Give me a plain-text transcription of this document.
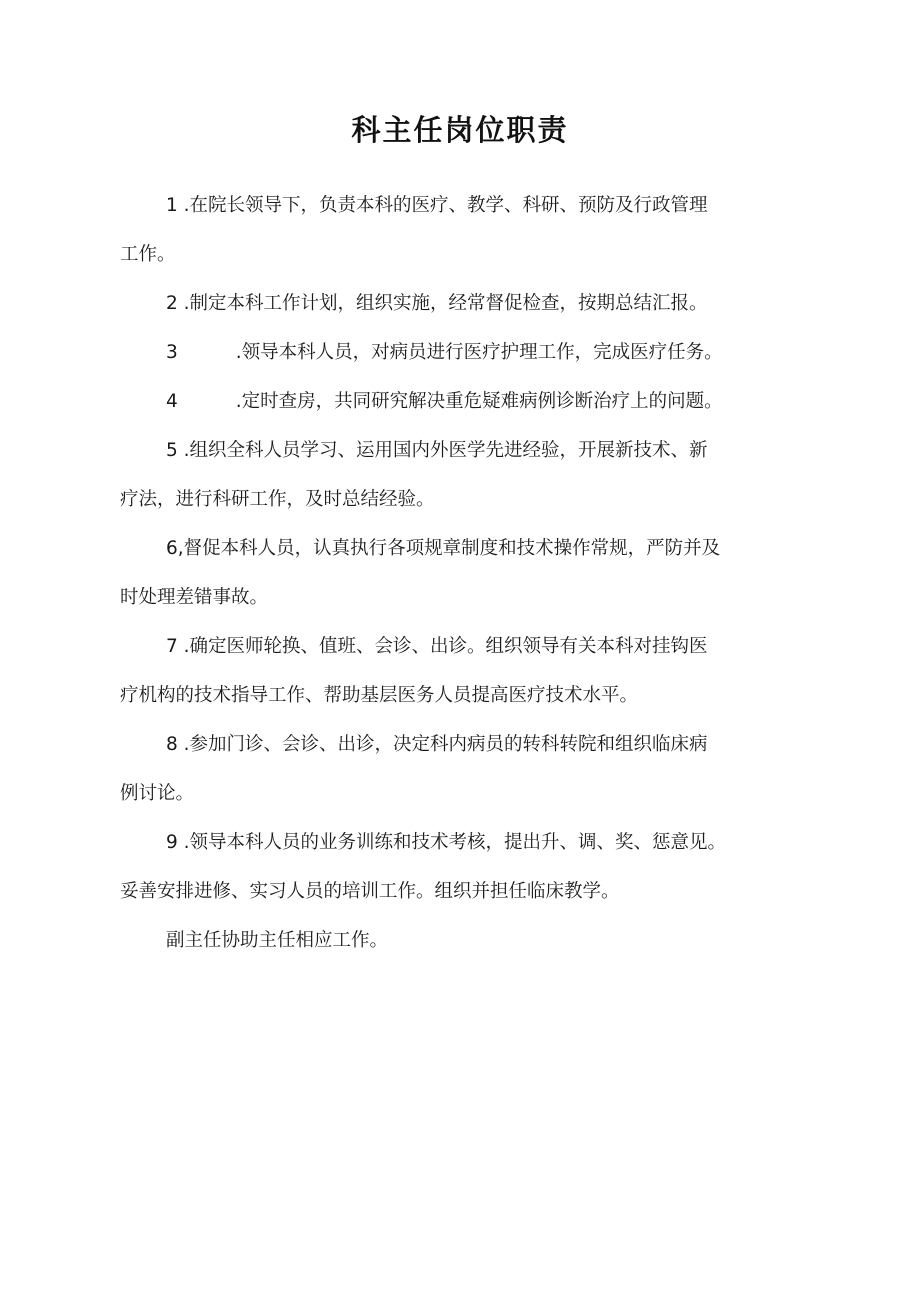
科主任岗位职责
1 .在院长领导下，负责本科的医疗、教学、科研、预防及行政管理
工作。
2 .制定本科工作计划，组织实施，经常督促检查，按期总结汇报。
3	.领导本科人员，对病员进行医疗护理工作，完成医疗任务。
4	.定时查房，共同研究解决重危疑难病例诊断治疗上的问题。
5 .组织全科人员学习、运用国内外医学先进经验，开展新技术、新
疗法，进行科研工作，及时总结经验。
6,督促本科人员，认真执行各项规章制度和技术操作常规，严防并及
时处理差错事故。
7 .确定医师轮换、值班、会诊、出诊。组织领导有关本科对挂钩医
疗机构的技术指导工作、帮助基层医务人员提高医疗技术水平。
8 .参加门诊、会诊、出诊，决定科内病员的转科转院和组织临床病
例讨论。
9 .领导本科人员的业务训练和技术考核，提出升、调、奖、惩意见。
妥善安排进修、实习人员的培训工作。组织并担任临床教学。
副主任协助主任相应工作。
